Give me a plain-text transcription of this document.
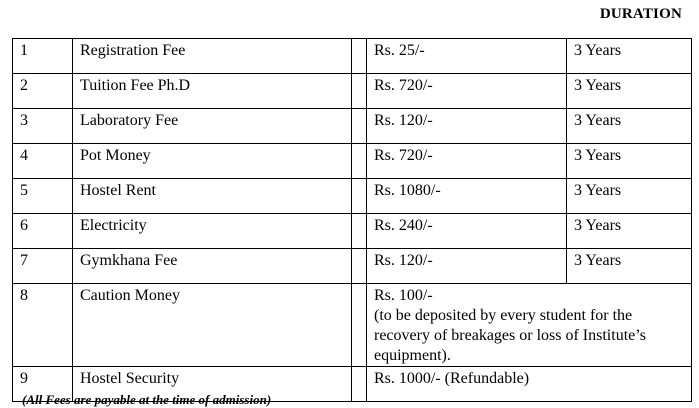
DURATION
1	Registration Fee		Rs. 25/-	3 Years
2	Tuition Fee Ph.D		Rs. 720/-	3 Years
3	Laboratory Fee		Rs. 120/-	3 Years
4	Pot Money		Rs. 720/-	3 Years
5	Hostel Rent		Rs. 1080/-	3 Years
6	Electricity		Rs. 240/-	3 Years
7	Gymkhana Fee		Rs. 120/-	3 Years
8	Caution Money		Rs. 100/-
(to be deposited by every student for the recovery of breakages or loss of Institute’s equipment).	

9	Hostel Security		Rs. 1000/- (Refundable)	
(All Fees are payable at the time of admission)
